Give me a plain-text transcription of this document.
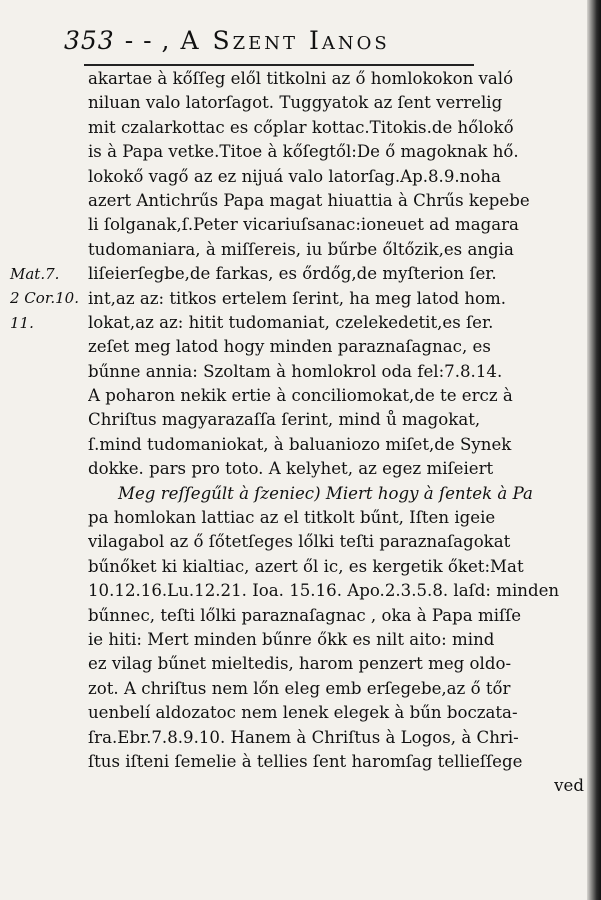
353 - - , A Szent Ianos
Mat.7.
2 Cor.10.
11.
akartae à kőſſeg elől titkolni az ő homlokokon való
niluan valo latorſagot. Tuggyatok az ſent verrelig
mit czalarkottac es cőplar kottac.Titokis.de hőlokő
is à Papa vetke.Titoe à kőſegtől:De ő magoknak hő.
lokokő vagő az ez nijuá valo latorſag.Ap.8.9.noha
azert Antichrűs Papa magat hiuattia à Chrűs kepebe
li ſolganak,ſ.Peter vicariuſsanac:ioneuet ad magara
tudomaniara, à miſſereis, iu bűrbe őltőzik,es angia
liſeierſegbe,de farkas, es őrdőg,de myſterion ſer.
int,az az: titkos ertelem ſerint, ha meg latod hom.
lokat,az az: hitit tudomaniat, czelekedetit,es ſer.
zeſet meg latod hogy minden paraznaſagnac, es
bűnne annia: Szoltam à homlokrol oda fel:7.8.14.
A poharon nekik ertie à conciliomokat,de te ercz à
Chriſtus magyarazaſſa ſerint, mind ů magokat,
ſ.mind tudomaniokat, à baluaniozo miſet,de Synek
dokke. pars pro toto. A kelyhet, az egez miſeiert
Meg reſſegűlt à ſzeniec) Miert hogy à ſentek à Pa
pa homlokan lattiac az el titkolt bűnt, Iſten igeie
vilagabol az ő ſőtetſeges lőlki teſti paraznaſagokat
bűnőket ki kialtiac, azert ől ic, es kergetik őket:Mat
10.12.16.Lu.12.21. Ioa. 15.16. Apo.2.3.5.8. laſd: minden
bűnnec, teſti lőlki paraznaſagnac , oka à Papa miſſe
ie hiti: Mert minden bűnre őkk es nilt aito: mind
ez vilag bűnet mieltedis, harom penzert meg oldo-
zot. A chriſtus nem lőn eleg emb erſegebe,az ő tőr
uenbelí aldozatoc nem lenek elegek à bűn boczata-
ſra.Ebr.7.8.9.10. Hanem à Chriſtus à Logos, à Chri-
ſtus iſteni ſemelie à tellies ſent haromſag tellieſſege
ved
